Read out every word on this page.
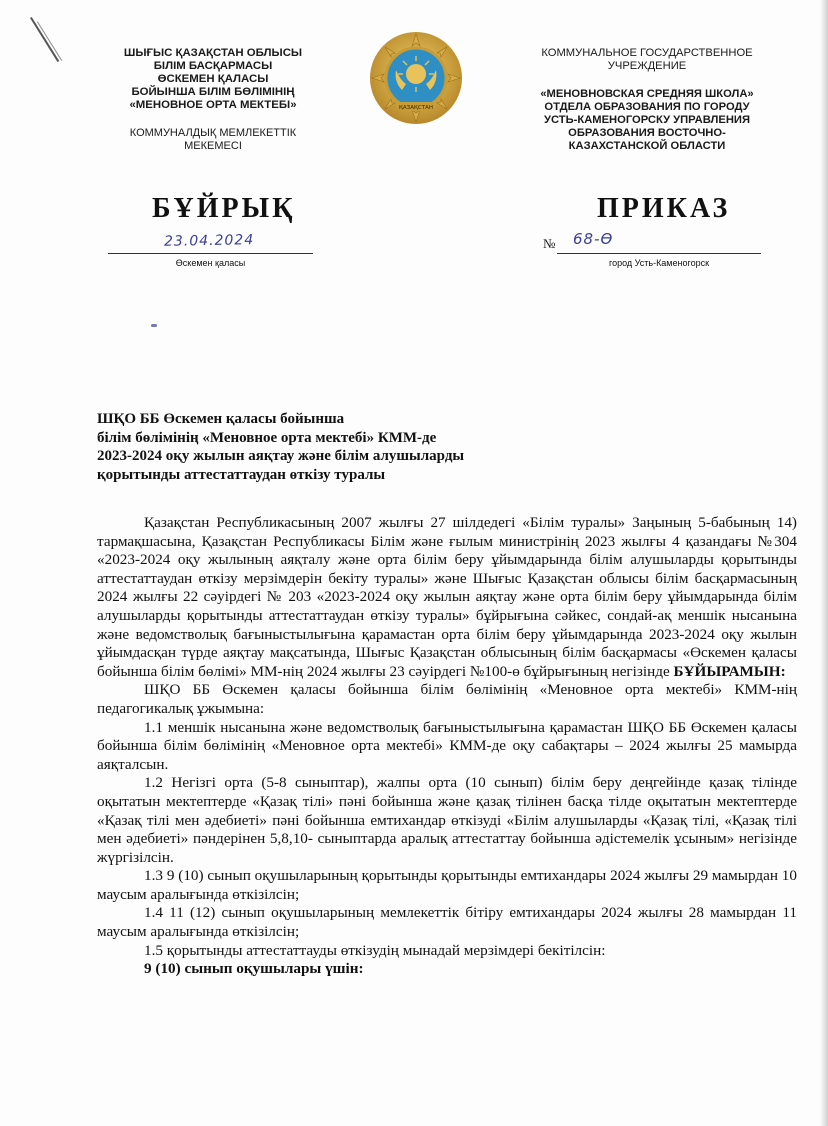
ШЫҒЫС ҚАЗАҚСТАН ОБЛЫСЫ
БІЛІМ БАСҚАРМАСЫ
ӨСКЕМЕН ҚАЛАСЫ
БОЙЫНША БІЛІМ БӨЛІМІНІҢ
«МЕНОВНОЕ ОРТА МЕКТЕБІ»
КОММУНАЛДЫҚ МЕМЛЕКЕТТІК
МЕКЕМЕСІ
ҚАЗАҚСТАН
КОММУНАЛЬНОЕ ГОСУДАРСТВЕННОЕ
УЧРЕЖДЕНИЕ
«МЕНОВНОВСКАЯ СРЕДНЯЯ ШКОЛА»
ОТДЕЛА ОБРАЗОВАНИЯ ПО ГОРОДУ
УСТЬ-КАМЕНОГОРСКУ УПРАВЛЕНИЯ
ОБРАЗОВАНИЯ ВОСТОЧНО-
КАЗАХСТАНСКОЙ ОБЛАСТИ
БҰЙРЫҚ	ПРИКАЗ
23.04.2024
Өскемен қаласы
№ 68-Ө
город Усть-Каменогорск
ШҚО ББ Өскемен қаласы бойынша
білім бөлімінің «Меновное орта мектебі» КММ-де
2023-2024 оқу жылын аяқтау және білім алушыларды
қорытынды аттестаттаудан өткізу туралы

Қазақстан Республикасының 2007 жылғы 27 шілдедегі «Білім туралы» Заңының 5-бабының 14) тармақшасына, Қазақстан Республикасы Білім және ғылым министрінің 2023 жылғы 4 қазандағы №304 «2023-2024 оқу жылының аяқталу және орта білім беру ұйымдарында білім алушыларды қорытынды аттестаттаудан өткізу мерзімдерін бекіту туралы» және Шығыс Қазақстан облысы білім басқармасының 2024 жылғы 22 сәуірдегі № 203 «2023-2024 оқу жылын аяқтау және орта білім беру ұйымдарында білім алушыларды қорытынды аттестаттаудан өткізу туралы» бұйрығына сәйкес, сондай-ақ меншік нысанына және ведомстволық бағыныстылығына қарамастан орта білім беру ұйымдарында 2023-2024 оқу жылын ұйымдасқан түрде аяқтау мақсатында, Шығыс Қазақстан облысының білім басқармасы «Өскемен қаласы бойынша білім бөлімі» ММ-нің 2024 жылғы 23 сәуірдегі №100-ө бұйрығының негізінде БҰЙЫРАМЫН:

ШҚО ББ Өскемен қаласы бойынша білім бөлімінің «Меновное орта мектебі» КММ-нің педагогикалық ұжымына:

1.1 меншік нысанына және ведомстволық бағыныстылығына қарамастан ШҚО ББ Өскемен қаласы бойынша білім бөлімінің «Меновное орта мектебі» КММ-де оқу сабақтары – 2024 жылғы 25 мамырда аяқталсын.

1.2 Негізгі орта (5-8 сыныптар), жалпы орта (10 сынып) білім беру деңгейінде қазақ тілінде оқытатын мектептерде «Қазақ тілі» пәні бойынша және қазақ тілінен басқа тілде оқытатын мектептерде «Қазақ тілі мен әдебиеті» пәні бойынша емтихандар өткізуді «Білім алушыларды «Қазақ тілі, «Қазақ тілі мен әдебиеті» пәндерінен 5,8,10- сыныптарда аралық аттестаттау бойынша әдістемелік ұсыным» негізінде жүргізілсін.

1.3 9 (10) сынып оқушыларының қорытынды қорытынды емтихандары 2024 жылғы 29 мамырдан 10 маусым аралығында өткізілсін;

1.4 11 (12) сынып оқушыларының мемлекеттік бітіру емтихандары 2024 жылғы 28 мамырдан 11 маусым аралығында өткізілсін;

1.5 қорытынды аттестаттауды өткізудің мынадай мерзімдері бекітілсін:

9 (10) сынып оқушылары үшін:
